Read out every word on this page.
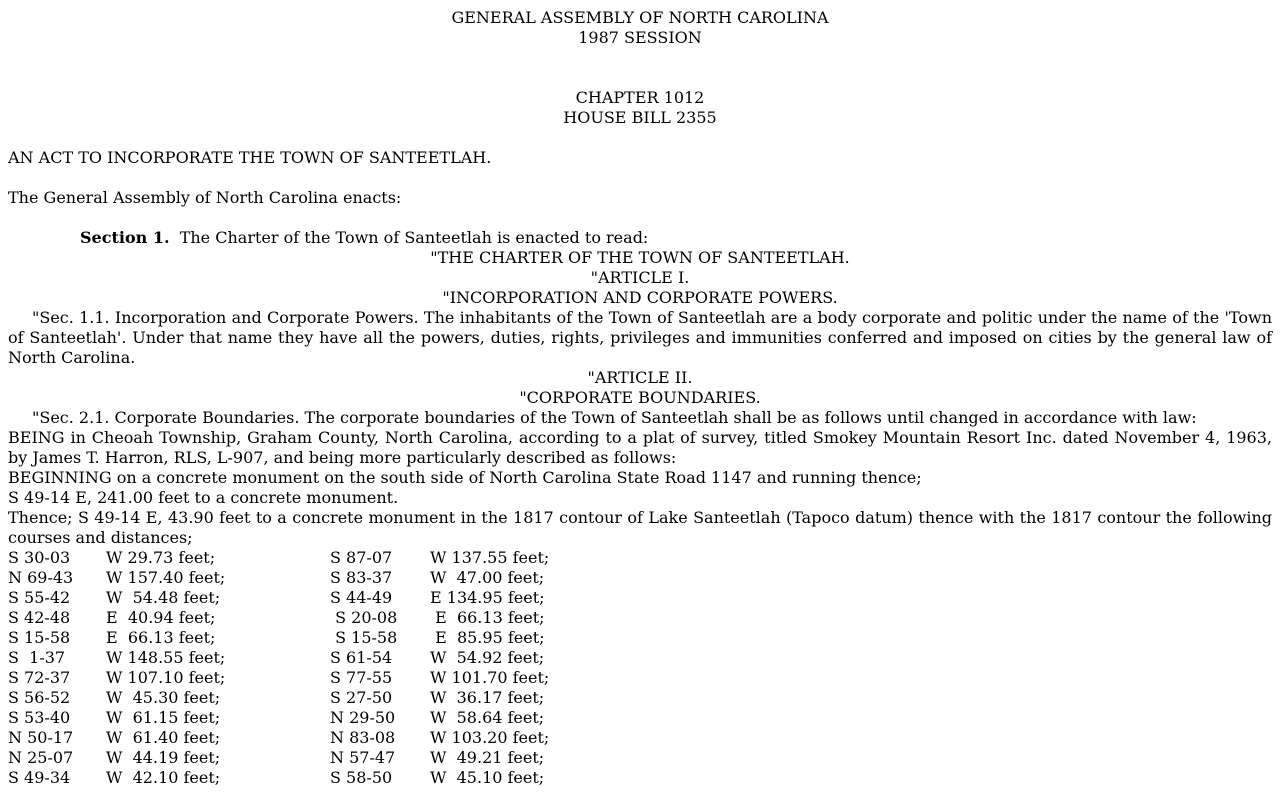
GENERAL ASSEMBLY OF NORTH CAROLINA
1987 SESSION
CHAPTER 1012
HOUSE BILL 2355
AN ACT TO INCORPORATE THE TOWN OF SANTEETLAH.
The General Assembly of North Carolina enacts:
Section 1. The Charter of the Town of Santeetlah is enacted to read:
"THE CHARTER OF THE TOWN OF SANTEETLAH.
"ARTICLE I.
"INCORPORATION AND CORPORATE POWERS.
"Sec. 1.1. Incorporation and Corporate Powers. The inhabitants of the Town of Santeetlah are a body corporate and politic under the name of the 'Town of Santeetlah'. Under that name they have all the powers, duties, rights, privileges and immunities conferred and imposed on cities by the general law of North Carolina.
"ARTICLE II.
"CORPORATE BOUNDARIES.
"Sec. 2.1. Corporate Boundaries. The corporate boundaries of the Town of Santeetlah shall be as follows until changed in accordance with law:
BEING in Cheoah Township, Graham County, North Carolina, according to a plat of survey, titled Smokey Mountain Resort Inc. dated November 4, 1963, by James T. Harron, RLS, L-907, and being more particularly described as follows:
BEGINNING on a concrete monument on the south side of North Carolina State Road 1147 and running thence;
S 49-14 E, 241.00 feet to a concrete monument.
Thence; S 49-14 E, 43.90 feet to a concrete monument in the 1817 contour of Lake Santeetlah (Tapoco datum) thence with the 1817 contour the following courses and distances;
S 30-03 W 29.73 feet;	S 87-07 W 137.55 feet;
N 69-43 W 157.40 feet;	S 83-37 W  47.00 feet;
S 55-42 W  54.48 feet;	S 44-49 E 134.95 feet;
S 42-48 E  40.94 feet;	S 20-08 E  66.13 feet;
S 15-58 E  66.13 feet;	S 15-58 E  85.95 feet;
S  1-37	W 148.55 feet;	S 61-54 W  54.92 feet;
S 72-37 W 107.10 feet;	S 77-55 W 101.70 feet;
S 56-52 W  45.30 feet;	S 27-50 W  36.17 feet;
S 53-40 W  61.15 feet;	N 29-50 W  58.64 feet;
N 50-17 W  61.40 feet;	N 83-08 W 103.20 feet;
N 25-07 W  44.19 feet;	N 57-47 W  49.21 feet;
S 49-34 W  42.10 feet;	S 58-50 W  45.10 feet;
